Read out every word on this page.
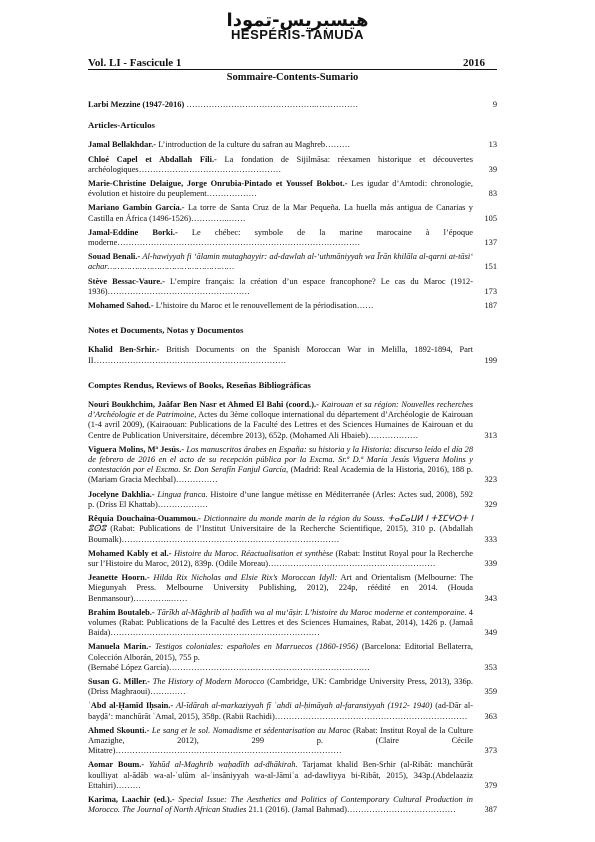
هيسبريس-تمودا
HESPÉRIS-TAMUDA
Vol. LI - Fascicule 1	2016
Sommaire-Contents-Sumario

Larbi Mezzine (1947-2016) ………………………………………..……………	9

Articles-Artículos

Jamal Bellakhdar.- L’introduction de la culture du safran au Maghreb………	13

Chloé Capel et Abdallah Fili.- La fondation de Sijilmāsa: réexamen historique et découvertes archéologiques……………………………………………	39

Marie-Christine Delaigue, Jorge Onrubia-Pintado et Youssef Bokbot.- Les igudar d’Amtodi: chronologie, évolution et histoire du peuplement………………	83

Mariano Gambín García.- La torre de Santa Cruz de la Mar Pequeña. La huella más antigua de Canarias y Castilla en África (1496-1526)…………..……	105

Jamal-Eddine Borki.- Le chébec: symbole de la marine marocaine à l’époque moderne……………………………………………………………………………	137

Souad Benali.- Al-hawiyyah fi ‘ālamin mutaghayyir: ad-dawlah al-‘uthmāniyyah wa Īrān khilāla al-qarni at-tāsi‘ achar……………………………………………	151

Stève Bessac-Vaure.- L’empire français: la création d’un espace francophone? Le cas du Maroc (1912-1936)……………………………………………	173

Mohamed Sahod.- L’histoire du Maroc et le renouvellement de la périodisation……	187

Notes et Documents, Notas y Documentos

Khalid Ben-Srhir.- British Documents on the Spanish Moroccan War in Melilla, 1892-1894, Part II……………………………………………………………	199

Comptes Rendus, Reviews of Books, Reseñas Bibliográficas

Nouri Boukhchim, Jaâfar Ben Nasr et Ahmed El Bahi (coord.).- Kairouan et sa région: Nouvelles recherches d’Archéologie et de Patrimoine, Actes du 3ème colloque international du département d’Archéologie de Kairouan (1-4 avril 2009), (Kairaouan: Publications de la Faculté des Lettres et des Sciences Humaines de Kairouan et du Centre de Publication Universitaire, décembre 2013), 652p. (Mohamed Ali Hbaieb)………………	313

Viguera Molins, Mª Jesús.- Los manuscritos árabes en España: su historia y la Historia: discurso leído el día 28 de febrero de 2016 en el acto de su recepción pública por la Excma. Sr.ª D.ª María Jesús Viguera Molins y contestación por el Excmo. Sr. Don Serafín Fanjul García, (Madrid: Real Academia de la Historia, 2016), 188 p. (Mariam Gracia Mechbal)……………	323

Jocelyne Dakhlia.- Lingua franca. Histoire d’une langue métisse en Méditerranée (Arles: Actes sud, 2008), 592 p. (Driss El Khattab)………………	329

Rêquia Douchaïna-Ouammou.- Dictionnaire du monde marin de la région du Souss. ⵜⴰⵎⴰⵡⵍ ⵏ ⵜⵉⵎⵖⵔⵜ ⵏ ⵓⵙⵓ (Rabat: Publications de l’Institut Universitaire de la Recherche Scientifique, 2015), 310 p. (Abdallah Boumalk)……………………………………………………………………	333

Mohamed Kably et al.- Histoire du Maroc. Réactualisation et synthèse (Rabat: Institut Royal pour la Recherche sur l’Histoire du Maroc, 2012), 839p. (Odile Moreau)……………………………………………………	339

Jeanette Hoorn.- Hilda Rix Nicholas and Elsie Rix’s Moroccan Idyll: Art and Orientalism (Melbourne: The Miegunyah Press. Melbourne University Publishing, 2012), 224p, réédité en 2014. (Houda Benmansour)…………..……	343

Brahim Boutaleb.- Tārīkh al-Māghrib al ḥadīth wa al mu‘āṣir. L’histoire du Maroc moderne et contemporaine. 4 volumes (Rabat: Publications de la Faculté des Lettres et des Sciences Humaines, Rabat, 2014), 1426 p. (Jamaâ Baida)…………………………………………………………………	349

Manuela Marín.- Testigos coloniales: españoles en Marruecos (1860-1956) (Barcelona: Editorial Bellaterra, Colección Alborán, 2015), 755 p.
(Bernabé López García)………………………………………………………………	353

Susan G. Miller.- The History of Modern Morocco (Cambridge, UK: Cambridge University Press, 2013), 336p. (Driss Maghraoui)…….……	359

ʿAbd al-Ḥamīd Iḥsain.- Al-īdārah al-markaziyyah fī ʿahdi al-ḥimāyah al-faransiyyah (1912- 1940) (ad-Dār al-bayḍā’: manchūrāt ʿAmal, 2015), 358p. (Rabii Rachidi)…………………………………………………………… 363

Ahmed Skounti.- Le sang et le sol. Nomadisme et sédentarisation au Maroc (Rabat: Institut Royal de la Culture Amazighe, 2012), 299 p. (Claire Cécile Mitatre)………………………………………………………………………	373

Aomar Boum.- Yahūd al-Maghrib waḥadīth ad-dhākirah. Tarjamat khalid Ben-Srhir (al-Ribāt: manchūrāt koulliyat al-ādāb wa-al-ʿulūm al-ʾinsāniyyah wa-al-Jāmiʿa ad-dawliyya bi-Ribāt, 2015), 343p.(Abdelaaziz Ettahiri)………	379

Karima, Laachir (ed.).- Special Issue: The Aesthetics and Politics of Contemporary Cultural Production in Morocco. The Journal of North African Studies 21.1 (2016). (Jamal Bahmad)…………………………………	387
